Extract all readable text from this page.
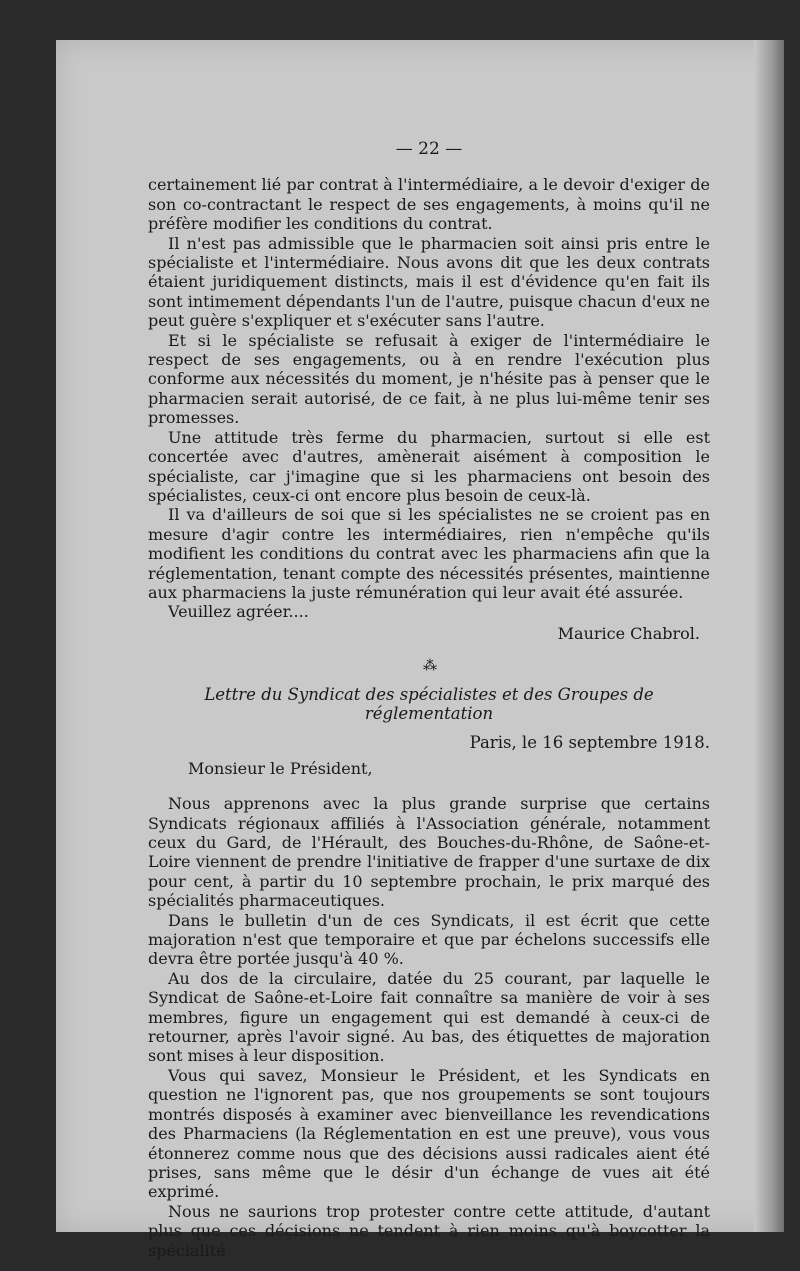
— 22 —

certainement lié par contrat à l'intermédiaire, a le devoir d'exiger de son co-contractant le respect de ses engagements, à moins qu'il ne préfère modifier les conditions du contrat.

Il n'est pas admissible que le pharmacien soit ainsi pris entre le spécialiste et l'intermédiaire. Nous avons dit que les deux contrats étaient juridiquement distincts, mais il est d'évidence qu'en fait ils sont intimement dépendants l'un de l'autre, puisque chacun d'eux ne peut guère s'expliquer et s'exécuter sans l'autre.

Et si le spécialiste se refusait à exiger de l'intermédiaire le respect de ses engagements, ou à en rendre l'exécution plus conforme aux nécessités du moment, je n'hésite pas à penser que le pharmacien serait autorisé, de ce fait, à ne plus lui-même tenir ses promesses.

Une attitude très ferme du pharmacien, surtout si elle est concertée avec d'autres, amènerait aisément à composition le spécialiste, car j'imagine que si les pharmaciens ont besoin des spécialistes, ceux-ci ont encore plus besoin de ceux-là.

Il va d'ailleurs de soi que si les spécialistes ne se croient pas en mesure d'agir contre les intermédiaires, rien n'empêche qu'ils modifient les conditions du contrat avec les pharmaciens afin que la réglementation, tenant compte des nécessités présentes, maintienne aux pharmaciens la juste rémunération qui leur avait été assurée.

Veuillez agréer....

Maurice Chabrol.
⁂
Lettre du Syndicat des spécialistes et des Groupes de réglementation
Paris, le 16 septembre 1918.

Monsieur le Président,

Nous apprenons avec la plus grande surprise que certains Syndicats régionaux affiliés à l'Association générale, notamment ceux du Gard, de l'Hérault, des Bouches-du-Rhône, de Saône-et-Loire viennent de prendre l'initiative de frapper d'une surtaxe de dix pour cent, à partir du 10 septembre prochain, le prix marqué des spécialités pharmaceutiques.

Dans le bulletin d'un de ces Syndicats, il est écrit que cette majoration n'est que temporaire et que par échelons successifs elle devra être portée jusqu'à 40 %.

Au dos de la circulaire, datée du 25 courant, par laquelle le Syndicat de Saône-et-Loire fait connaître sa manière de voir à ses membres, figure un engagement qui est demandé à ceux-ci de retourner, après l'avoir signé. Au bas, des étiquettes de majoration sont mises à leur disposition.

Vous qui savez, Monsieur le Président, et les Syndicats en question ne l'ignorent pas, que nos groupements se sont toujours montrés disposés à examiner avec bienveillance les revendications des Pharmaciens (la Réglementation en est une preuve), vous vous étonnerez comme nous que des décisions aussi radicales aient été prises, sans même que le désir d'un échange de vues ait été exprimé.

Nous ne saurions trop protester contre cette attitude, d'autant plus que ces décisions ne tendent à rien moins qu'à boycotter la spécialité
